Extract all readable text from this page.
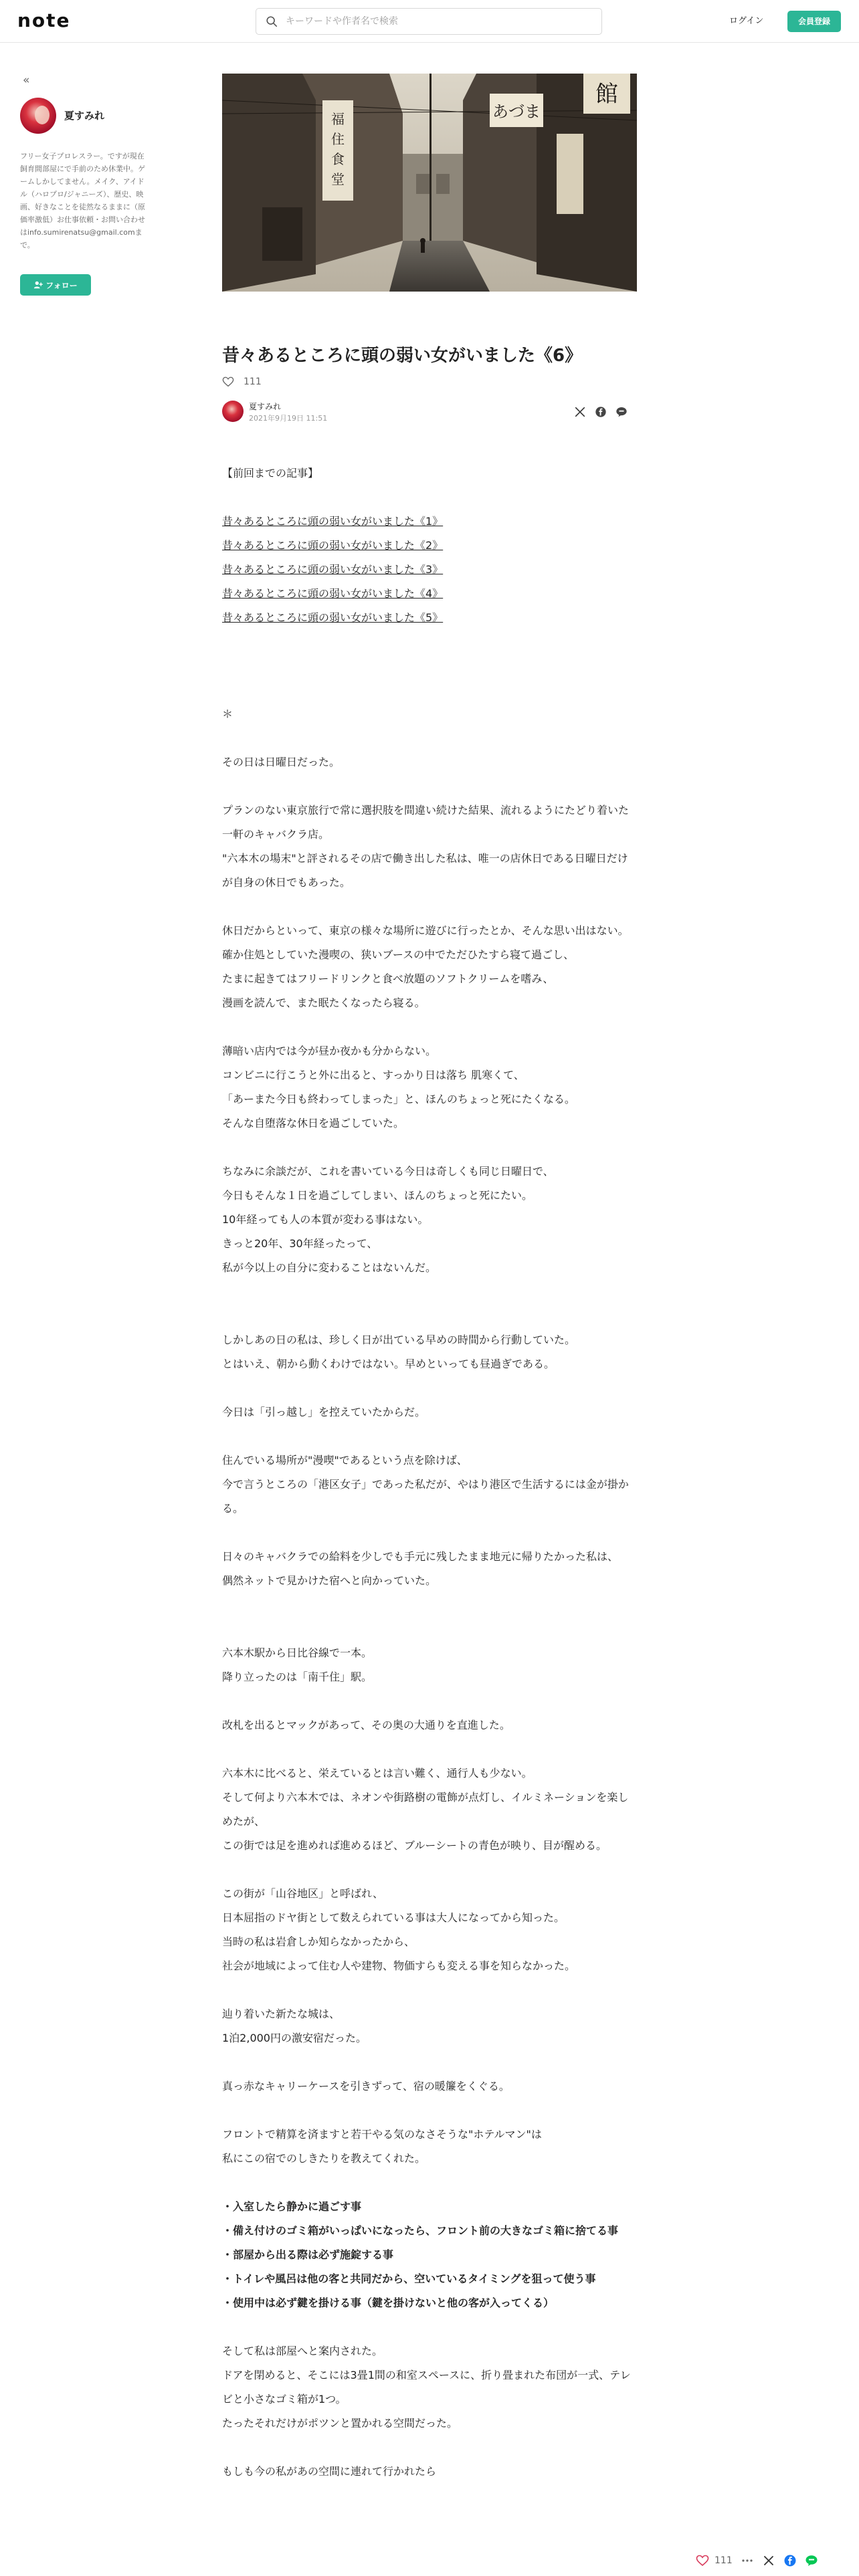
note
キーワードや作者名で検索	ログイン	会員登録
«
夏すみれ
フリー女子プロレスラー。ですが現在飼育間部屋にで手前のため休業中。ゲームしかしてません。メイク、アイドル（ハロプロ/ジャニーズ）、歴史、映画、好きなことを徒然なるままに（原価率激低）お仕事依頼・お問い合わせはinfo.sumirenatsu@gmail.comまで。
フォロー
福
住
食
堂
あづま
館
昔々あるところに頭の弱い女がいました《6》
111
夏すみれ
2021年9月19日 11:51

【前回までの記事】

昔々あるところに頭の弱い女がいました《1》
昔々あるところに頭の弱い女がいました《2》
昔々あるところに頭の弱い女がいました《3》
昔々あるところに頭の弱い女がいました《4》
昔々あるところに頭の弱い女がいました《5》

＊

その日は日曜日だった。

プランのない東京旅行で常に選択肢を間違い続けた結果、流れるようにたどり着いた一軒のキャバクラ店。
"六本木の場末"と評されるその店で働き出した私は、唯一の店休日である日曜日だけが自身の休日でもあった。

休日だからといって、東京の様々な場所に遊びに行ったとか、そんな思い出はない。
確か住処としていた漫喫の、狭いブースの中でただひたすら寝て過ごし、
たまに起きてはフリードリンクと食べ放題のソフトクリームを嗜み、
漫画を読んで、また眠たくなったら寝る。

薄暗い店内では今が昼か夜かも分からない。
コンビニに行こうと外に出ると、すっかり日は落ち 肌寒くて、
「あーまた今日も終わってしまった」と、ほんのちょっと死にたくなる。
そんな自堕落な休日を過ごしていた。

ちなみに余談だが、これを書いている今日は奇しくも同じ日曜日で、
今日もそんな１日を過ごしてしまい、ほんのちょっと死にたい。
10年経っても人の本質が変わる事はない。
きっと20年、30年経ったって、
私が今以上の自分に変わることはないんだ。

しかしあの日の私は、珍しく日が出ている早めの時間から行動していた。
とはいえ、朝から動くわけではない。早めといっても昼過ぎである。

今日は「引っ越し」を控えていたからだ。

住んでいる場所が"漫喫"であるという点を除けば、
今で言うところの「港区女子」であった私だが、やはり港区で生活するには金が掛かる。

日々のキャバクラでの給料を少しでも手元に残したまま地元に帰りたかった私は、
偶然ネットで見かけた宿へと向かっていた。

六本木駅から日比谷線で一本。
降り立ったのは「南千住」駅。

改札を出るとマックがあって、その奥の大通りを直進した。

六本木に比べると、栄えているとは言い難く、通行人も少ない。
そして何より六本木では、ネオンや街路樹の電飾が点灯し、イルミネーションを楽しめたが、
この街では足を進めれば進めるほど、ブルーシートの青色が映り、目が醒める。

この街が「山谷地区」と呼ばれ、
日本屈指のドヤ街として数えられている事は大人になってから知った。
当時の私は岩倉しか知らなかったから、
社会が地域によって住む人や建物、物価すらも変える事を知らなかった。

辿り着いた新たな城は、
1泊2,000円の激安宿だった。

真っ赤なキャリーケースを引きずって、宿の暖簾をくぐる。

フロントで精算を済ますと若干やる気のなさそうな"ホテルマン"は
私にこの宿でのしきたりを教えてくれた。

・入室したら静かに過ごす事
・備え付けのゴミ箱がいっぱいになったら、フロント前の大きなゴミ箱に捨てる事
・部屋から出る際は必ず施錠する事
・トイレや風呂は他の客と共同だから、空いているタイミングを狙って使う事
・使用中は必ず鍵を掛ける事（鍵を掛けないと他の客が入ってくる）

そして私は部屋へと案内された。
ドアを閉めると、そこには3畳1間の和室スペースに、折り畳まれた布団が一式、テレビと小さなゴミ箱が1つ。
たったそれだけがポツンと置かれる空間だった。

もしも今の私があの空間に連れて行かれたら

111
